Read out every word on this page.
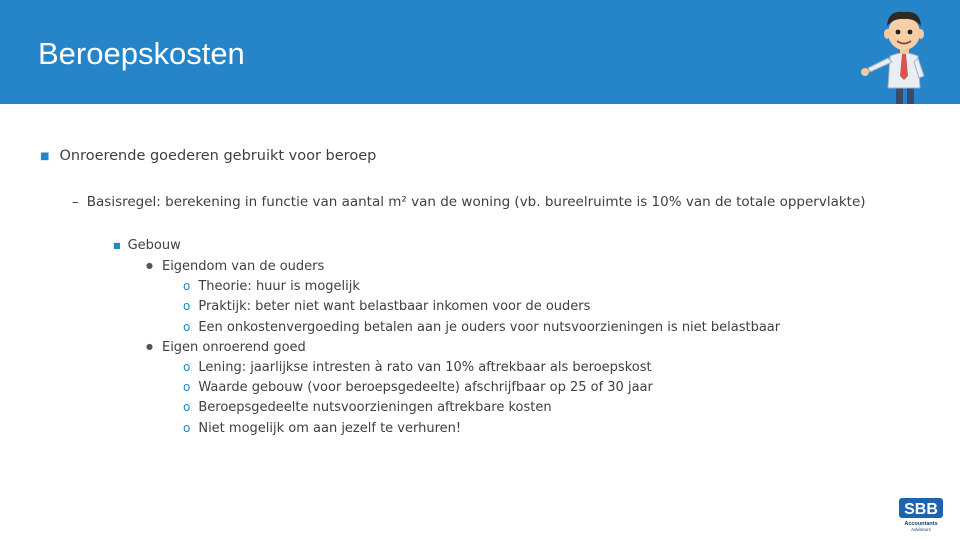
Beroepskosten
■ Onroerende goederen gebruikt voor beroep
– Basisregel: berekening in functie van aantal m² van de woning (vb. bureelruimte is 10% van de totale oppervlakte)
■ Gebouw
● Eigendom van de ouders
o Theorie: huur is mogelijk
o Praktijk: beter niet want belastbaar inkomen voor de ouders
o Een onkostenvergoeding betalen aan je ouders voor nutsvoorzieningen is niet belastbaar
● Eigen onroerend goed
o Lening: jaarlijkse intresten à rato van 10% aftrekbaar als beroepskost
o Waarde gebouw (voor beroepsgedeelte) afschrijfbaar op 25 of 30 jaar
o Beroepsgedeelte nutsvoorzieningen aftrekbare kosten
o Niet mogelijk om aan jezelf te verhuren!
SBB
Accountants
Adviseurs
